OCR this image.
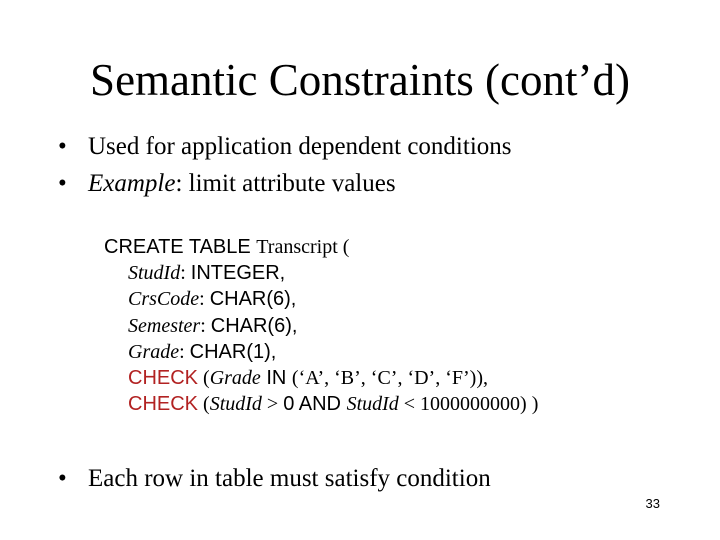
Semantic Constraints (cont’d)
• Used for application dependent conditions
• Example : limit attribute values
CREATE TABLE Transcript (
StudId: INTEGER,
CrsCode: CHAR(6),
Semester: CHAR(6),
Grade: CHAR(1),
CHECK (Grade IN (‘A’, ‘B’, ‘C’, ‘D’, ‘F’)),
CHECK (StudId > 0 AND StudId < 1000000000) )
• Each row in table must satisfy condition
33
